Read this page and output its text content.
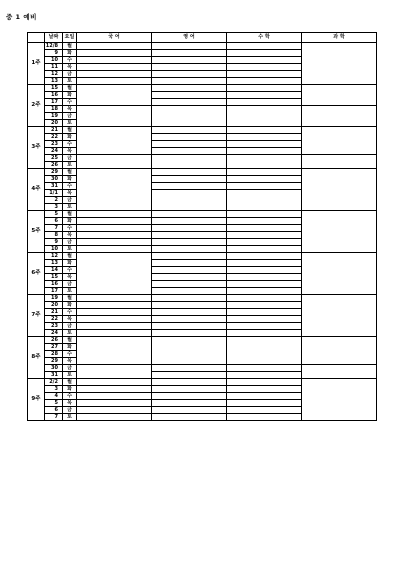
중 1 예비
	날짜	요일	국 어	영 어	수 학	과 학
1주	12/8	월				
	9	화				
	10	수				
	11	목				
	12	금				
	13	토				
2주	15	월				
	16	화				
	17	수				
	18	목				
	19	금				
	20	토				
3주	21	월				
	22	화				
	23	수				
	24	목				
	25	금				
	26	토				
4주	29	월				
	30	화				
	31	수				
	1/1	목				
	2	금				
	3	토				
5주	5	월				
	6	화				
	7	수				
	8	목				
	9	금				
	10	토				
6주	12	월				
	13	화				
	14	수				
	15	목				
	16	금				
	17	토				
7주	19	월				
	20	화				
	21	수				
	22	목				
	23	금				
	24	토				
8주	26	월				
	27	화				
	28	수				
	29	목				
	30	금				
	31	토				
9주	2/2	월				
	3	화				
	4	수				
	5	목				
	6	금				
	7	토				
